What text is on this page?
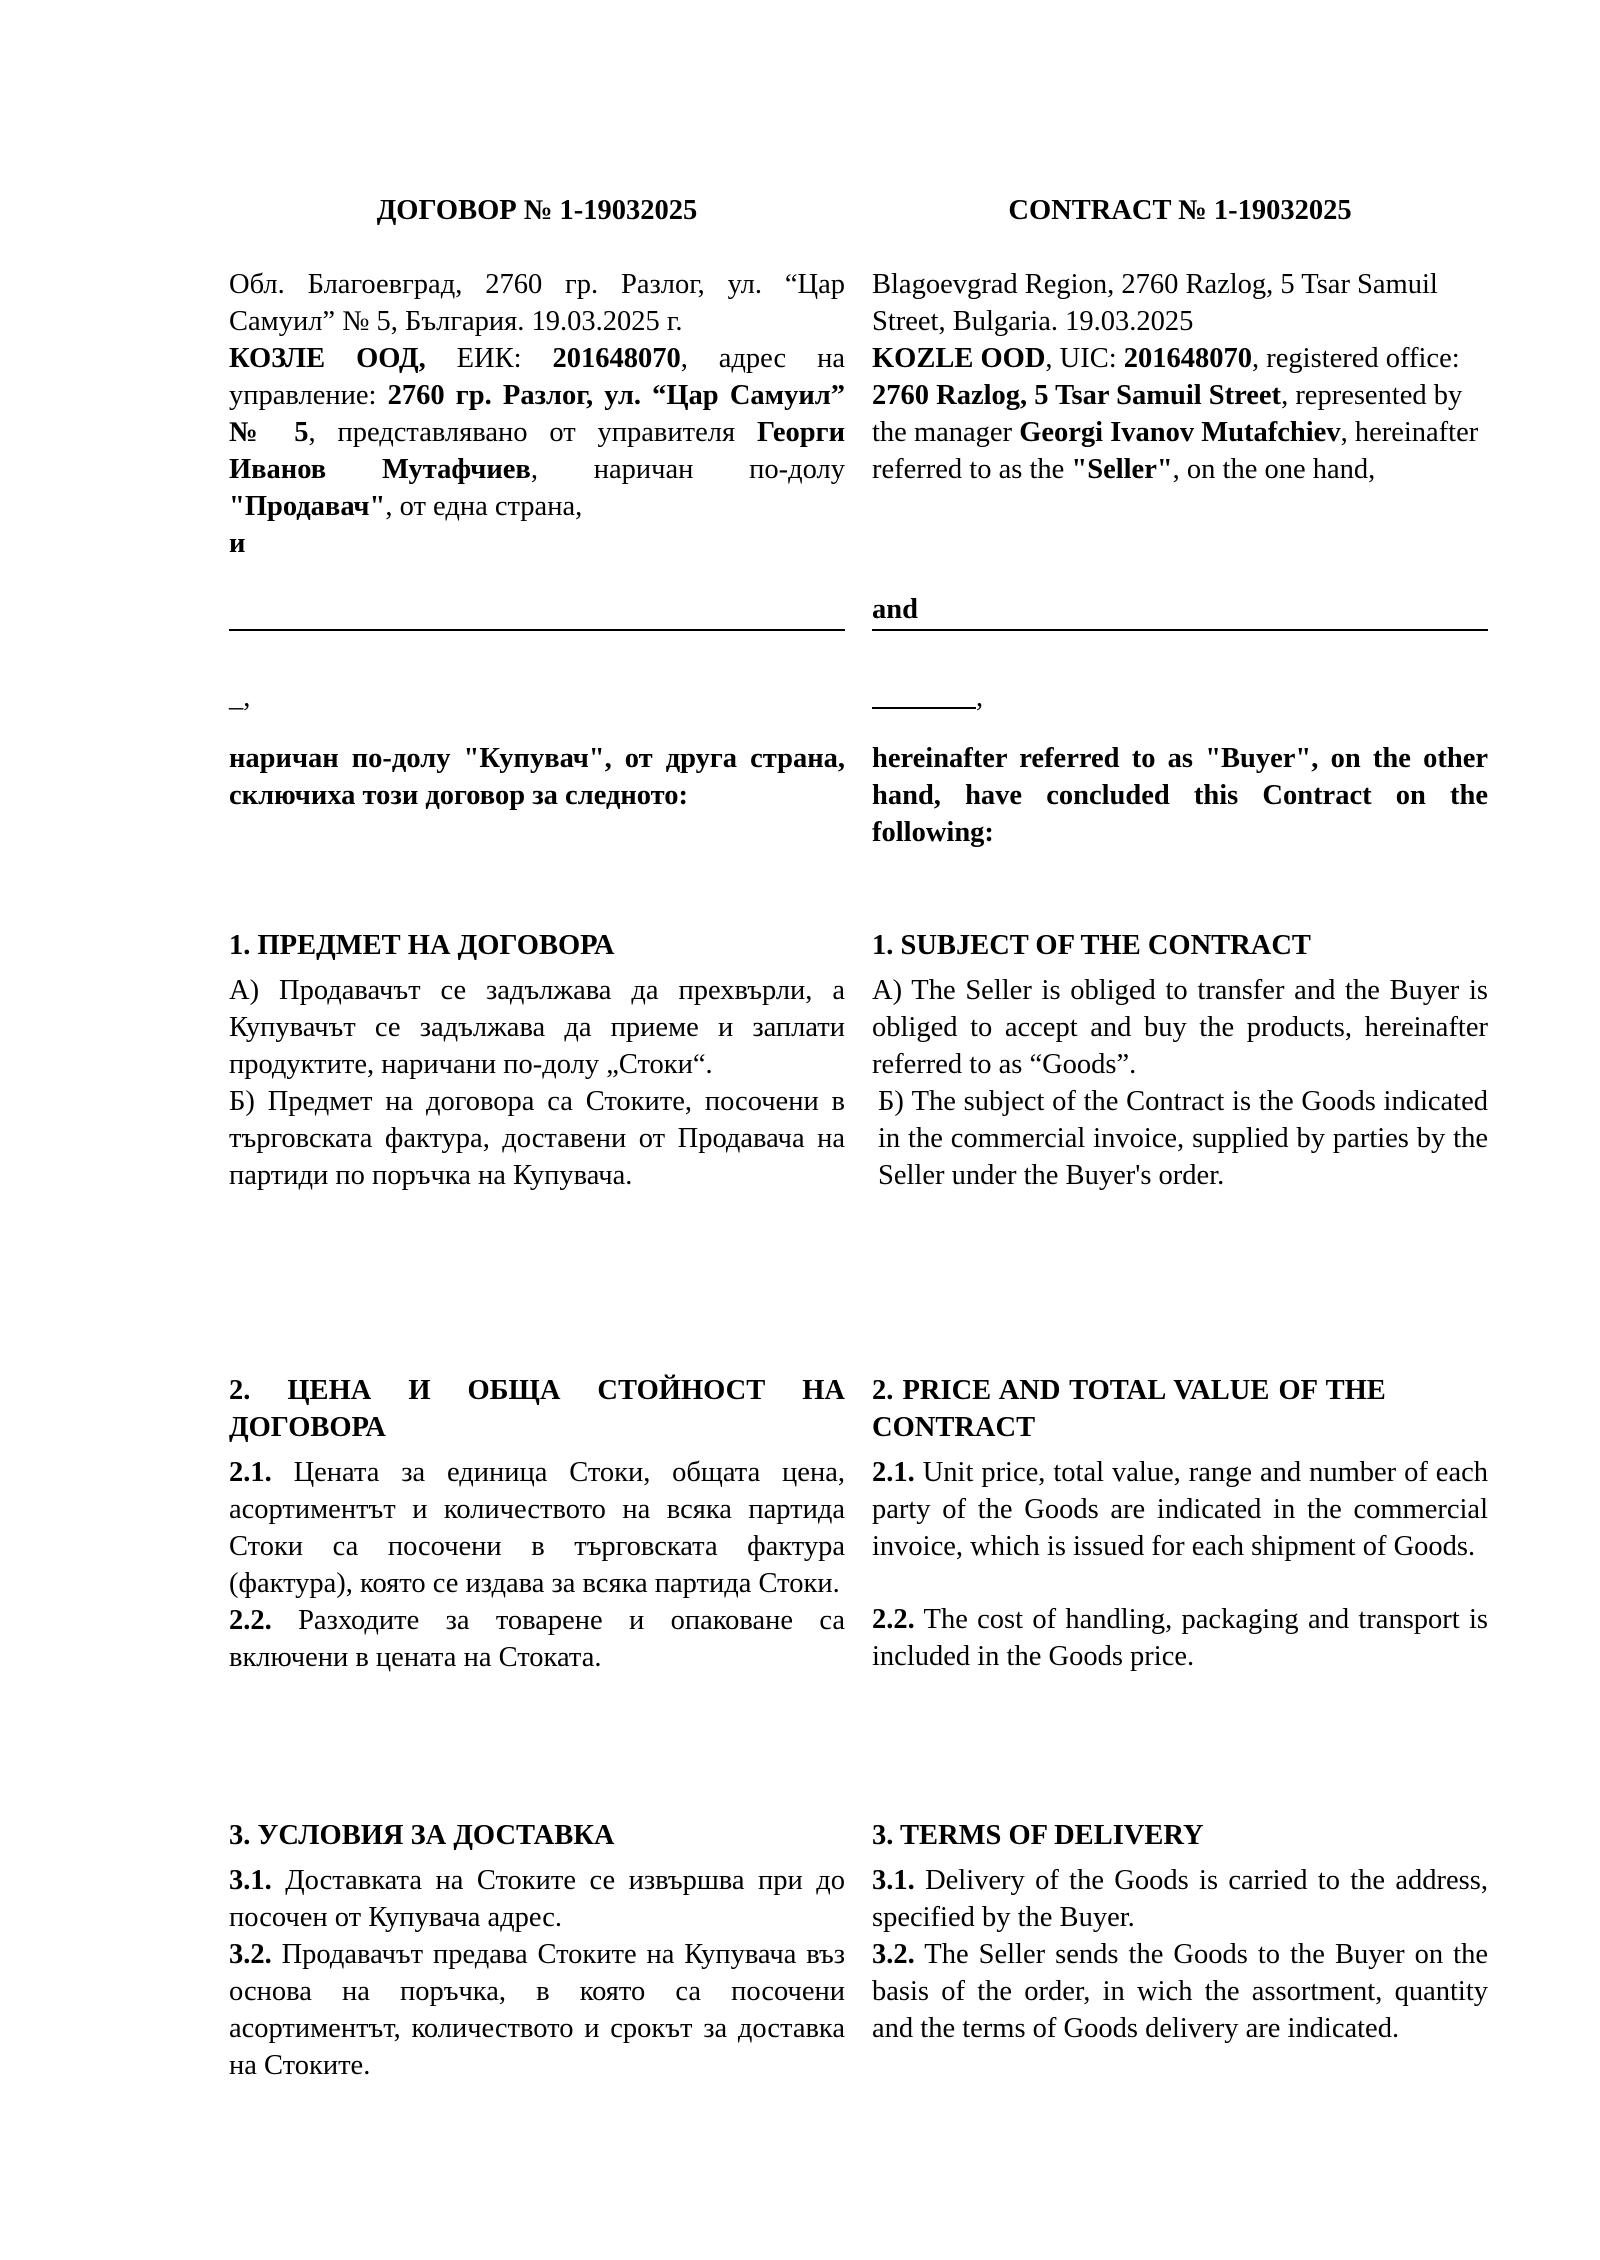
ДОГОВОР № 1-19032025

Обл. Благоевград, 2760 гр. Разлог, ул. “Цар Самуил” № 5, България. 19.03.2025 г.

КОЗЛЕ ООД, ЕИК: 201648070, адрес на управление: 2760 гр. Разлог, ул. “Цар Самуил” № 5, представлявано от управителя Георги Иванов Мутафчиев, наричан по-долу "Продавач", от една страна,

и

_,

наричан по-долу "Купувач", от друга страна, сключиха този договор за следното:

1. ПРЕДМЕТ НА ДОГОВОРА

А) Продавачът се задължава да прехвърли, а Купувачът се задължава да приеме и заплати продуктите, наричани по-долу „Стоки“.

Б) Предмет на договора са Стоките, посочени в търговската фактура, доставени от Продавача на партиди по поръчка на Купувача.

2. ЦЕНА И ОБЩА СТОЙНОСТ НА ДОГОВОРА

2.1. Цената за единица Стоки, общата цена, асортиментът и количеството на всяка партида Стоки са посочени в търговската фактура (фактура), която се издава за всяка партида Стоки.

2.2. Разходите за товарене и опаковане са включени в цената на Стоката.

3. УСЛОВИЯ ЗА ДОСТАВКА

3.1. Доставката на Стоките се извършва при до посочен от Купувача адрес.

3.2. Продавачът предава Стоките на Купувача въз основа на поръчка, в която са посочени асортиментът, количеството и срокът за доставка на Стоките.

CONTRACT № 1-19032025

Blagoevgrad Region, 2760 Razlog, 5 Tsar Samuil Street, Bulgaria. 19.03.2025

KOZLE OOD, UIC: 201648070, registered office: 2760 Razlog, 5 Tsar Samuil Street, represented by the manager Georgi Ivanov Mutafchiev, hereinafter referred to as the "Seller", on the one hand,

and

,

hereinafter referred to as "Buyer", on the other hand, have concluded this Contract on the following:

1. SUBJECT OF THE CONTRACT

A) The Seller is obliged to transfer and the Buyer is obliged to accept and buy the products, hereinafter referred to as “Goods”.

Б) The subject of the Contract is the Goods indicated in the commercial invoice, supplied by parties by the Seller under the Buyer's order.

2. PRICE AND TOTAL VALUE OF THE CONTRACT

2.1. Unit price, total value, range and number of each party of the Goods are indicated in the commercial invoice, which is issued for each shipment of Goods.

2.2. The cost of handling, packaging and transport is included in the Goods price.

3. TERMS OF DELIVERY

3.1. Delivery of the Goods is carried to the address, specified by the Buyer.

3.2. The Seller sends the Goods to the Buyer on the basis of the order, in wich the assortment, quantity and the terms of Goods delivery are indicated.
